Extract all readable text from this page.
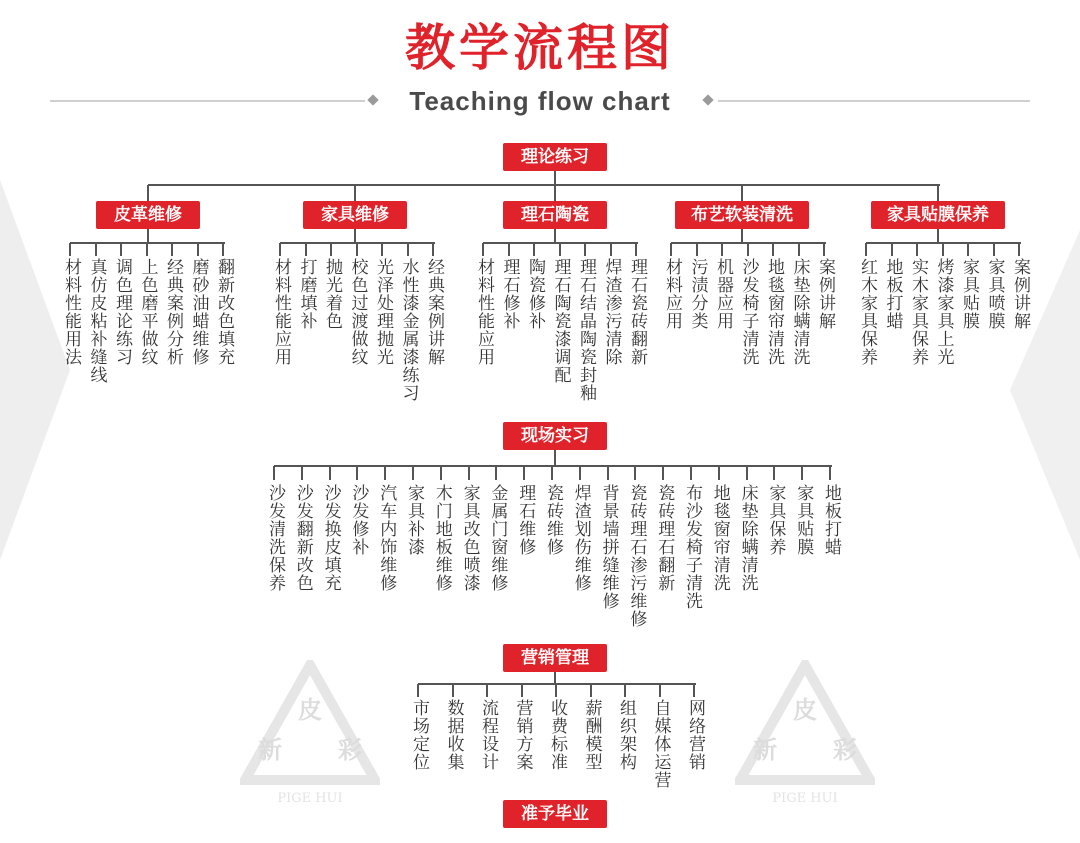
皮
新 彩
PIGE HUI
皮
新 彩
PIGE HUI
教学流程图
Teaching flow chart
理论练习
皮革维修	家具维修	理石陶瓷	布艺软装清洗	家具贴膜保养
材料性能用法 真仿皮粘补缝线 调色理论练习 上色磨平做纹 经典案例分析 磨砂油蜡维修 翻新改色填充 材料性能应用 打磨填补 抛光着色 校色过渡做纹 光泽处理抛光 水性漆金属漆练习 经典案例讲解 材料性能应用 理石修补 陶瓷修补 理石陶瓷漆调配 理石结晶陶瓷封釉 焊渣渗污清除 理石瓷砖翻新 材料应用 污渍分类 机器应用 沙发椅子清洗 地毯窗帘清洗 床垫除螨清洗 案例讲解 红木家具保养 地板打蜡 实木家具保养 烤漆家具上光 家具贴膜 家具喷膜 案例讲解
现场实习
沙发清洗保养 沙发翻新改色 沙发换皮填充 沙发修补 汽车内饰维修 家具补漆 木门地板维修 家具改色喷漆 金属门窗维修 理石维修 瓷砖维修 焊渣划伤维修 背景墙拼缝维修 瓷砖理石渗污维修 瓷砖理石翻新 布沙发椅子清洗 地毯窗帘清洗 床垫除螨清洗 家具保养 家具贴膜 地板打蜡
营销管理
市场定位 数据收集 流程设计 营销方案 收费标准 薪酬模型 组织架构 自媒体运营 网络营销
准予毕业
